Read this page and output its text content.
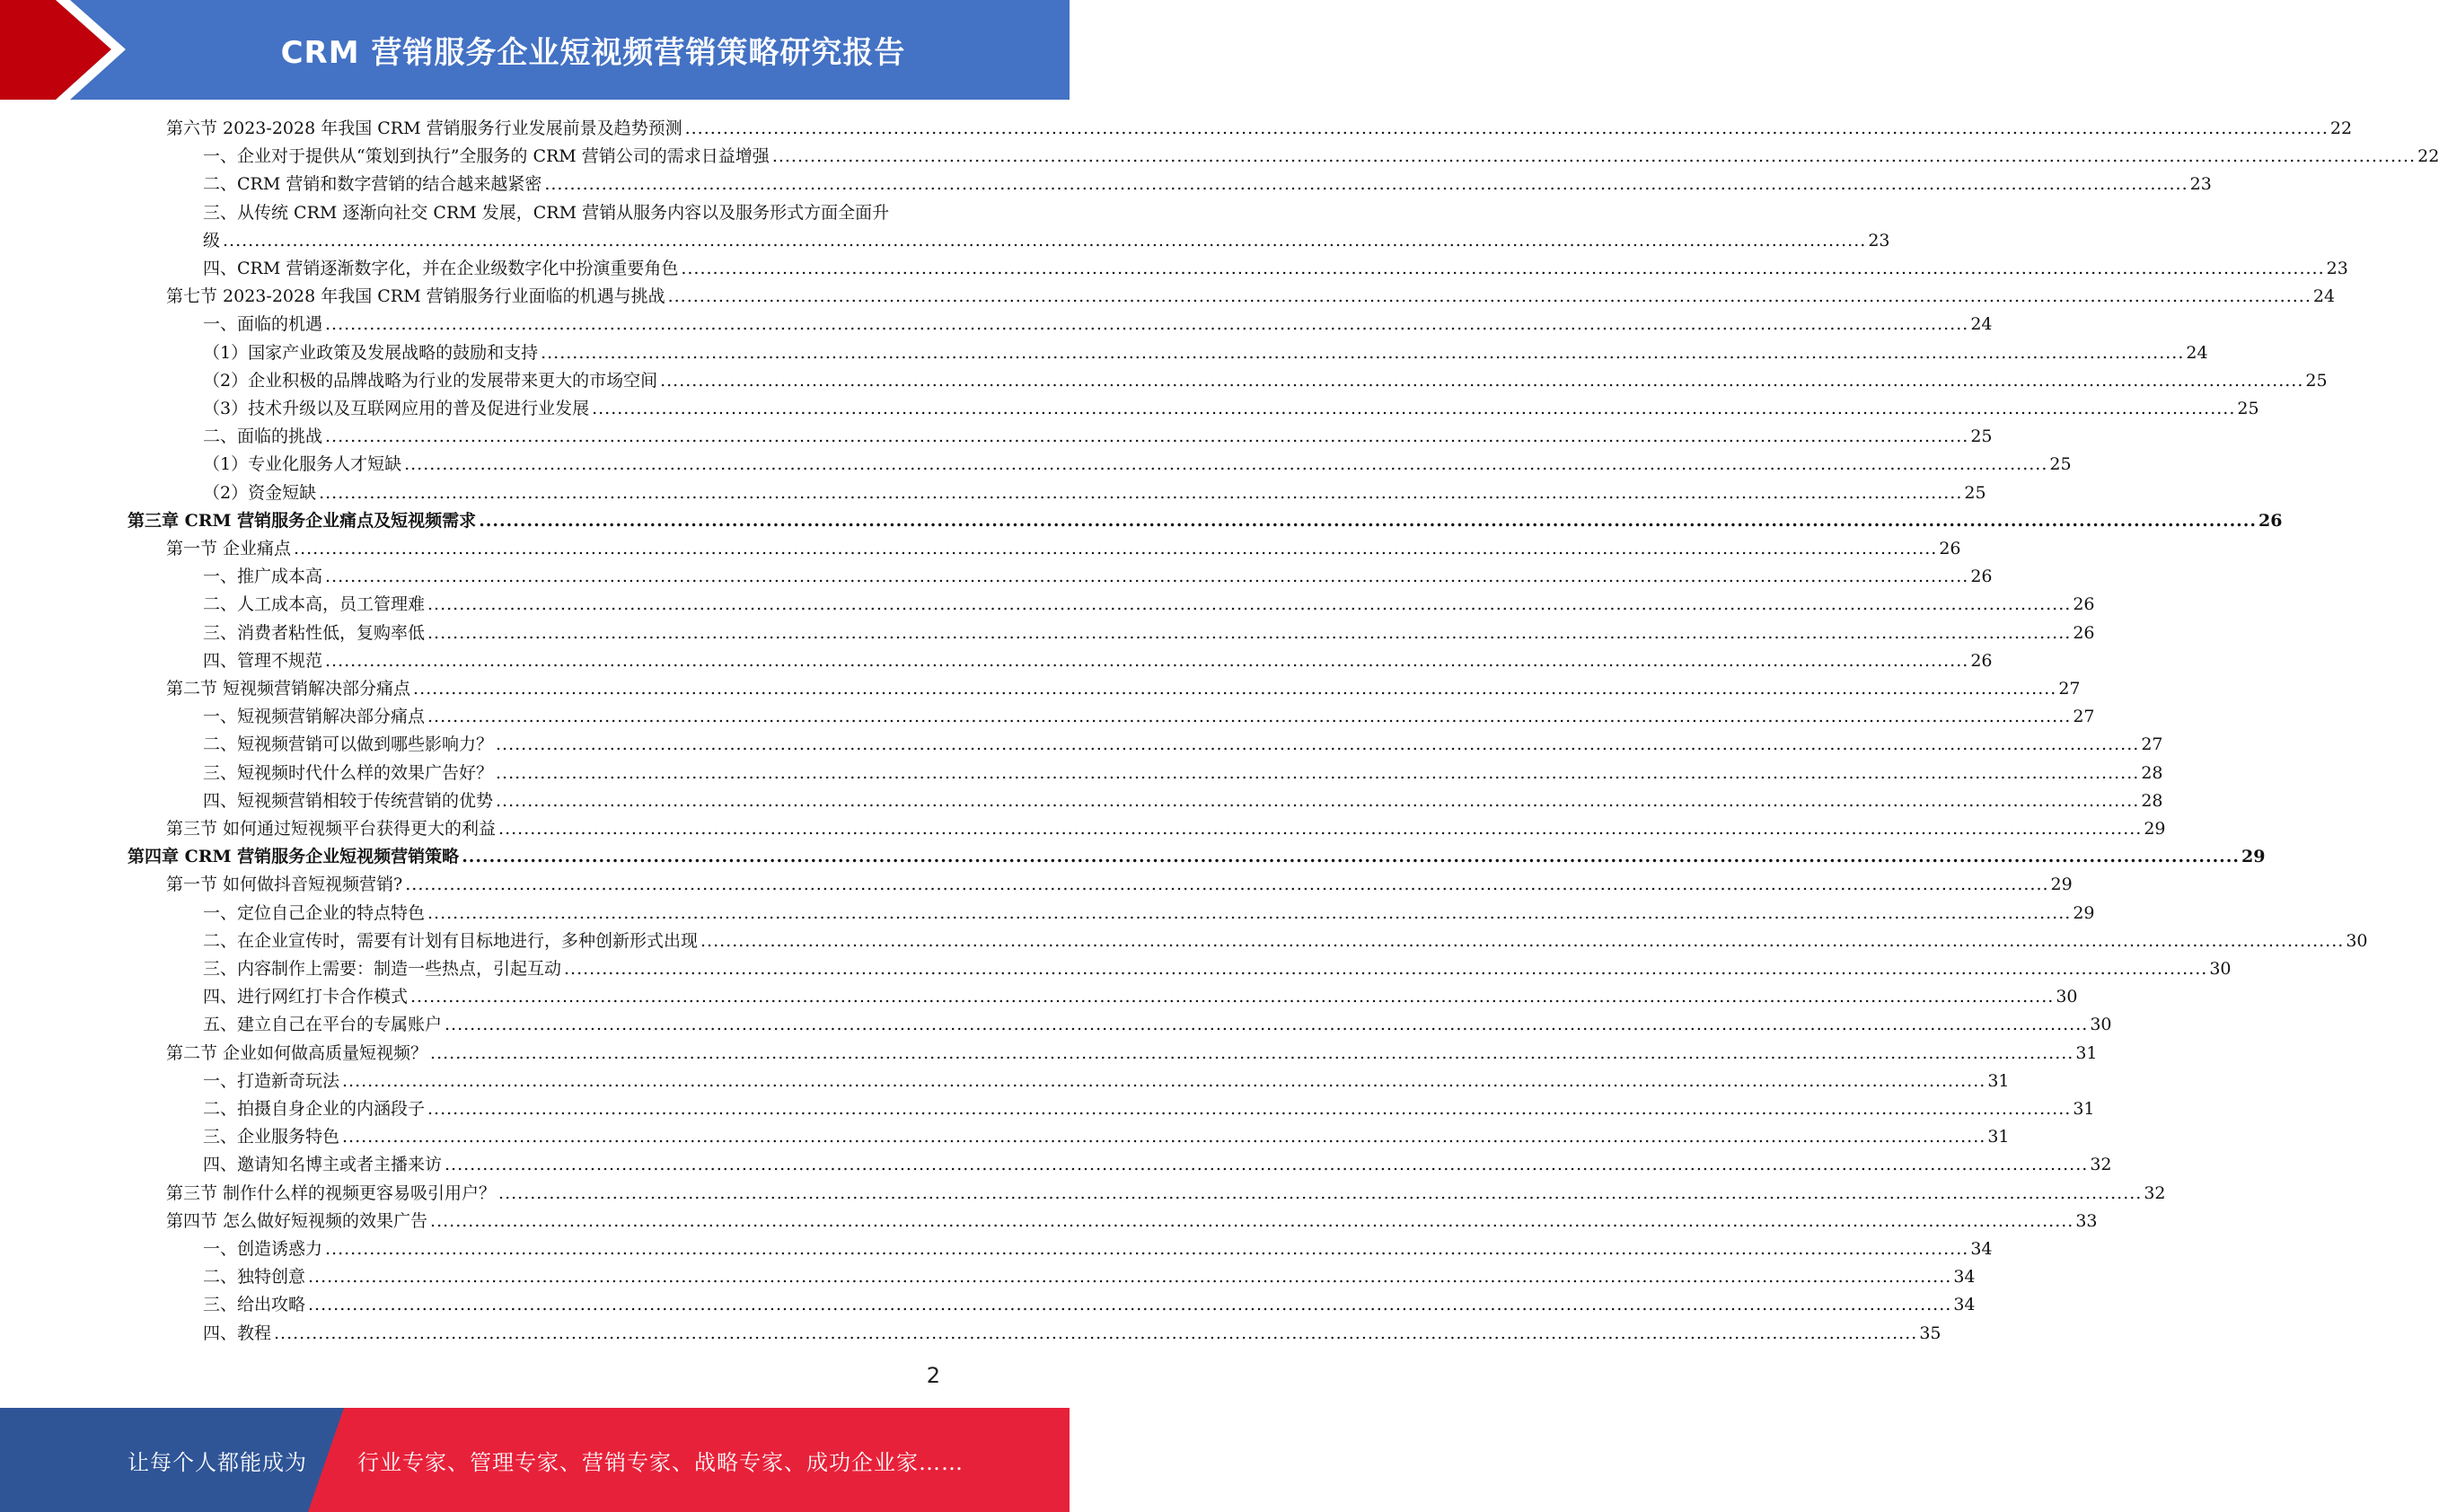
CRM 营销服务企业短视频营销策略研究报告
第六节 2023-2028 年我国 CRM 营销服务行业发展前景及趋势预测 .................................................................................................................................................................................................................................................................... 22
一、企业对于提供从“策划到执行”全服务的 CRM 营销公司的需求日益增强 .................................................................................................................................................................................................................................................................... 22
二、CRM 营销和数字营销的结合越来越紧密 .................................................................................................................................................................................................................................................................... 23
三、从传统 CRM 逐渐向社交 CRM 发展，CRM 营销从服务内容以及服务形式方面全面升
级 .................................................................................................................................................................................................................................................................... 23
四、CRM 营销逐渐数字化，并在企业级数字化中扮演重要角色 .................................................................................................................................................................................................................................................................... 23
第七节 2023-2028 年我国 CRM 营销服务行业面临的机遇与挑战 .................................................................................................................................................................................................................................................................... 24
一、面临的机遇 .................................................................................................................................................................................................................................................................... 24
（1）国家产业政策及发展战略的鼓励和支持 .................................................................................................................................................................................................................................................................... 24
（2）企业积极的品牌战略为行业的发展带来更大的市场空间 .................................................................................................................................................................................................................................................................... 25
（3）技术升级以及互联网应用的普及促进行业发展 .................................................................................................................................................................................................................................................................... 25
二、面临的挑战 .................................................................................................................................................................................................................................................................... 25
（1）专业化服务人才短缺 .................................................................................................................................................................................................................................................................... 25
（2）资金短缺 .................................................................................................................................................................................................................................................................... 25
第三章 CRM 营销服务企业痛点及短视频需求 .................................................................................................................................................................................................................................................................... 26
第一节 企业痛点 .................................................................................................................................................................................................................................................................... 26
一、推广成本高 .................................................................................................................................................................................................................................................................... 26
二、人工成本高，员工管理难 .................................................................................................................................................................................................................................................................... 26
三、消费者粘性低，复购率低 .................................................................................................................................................................................................................................................................... 26
四、管理不规范 .................................................................................................................................................................................................................................................................... 26
第二节 短视频营销解决部分痛点 .................................................................................................................................................................................................................................................................... 27
一、短视频营销解决部分痛点 .................................................................................................................................................................................................................................................................... 27
二、短视频营销可以做到哪些影响力？ .................................................................................................................................................................................................................................................................... 27
三、短视频时代什么样的效果广告好？ .................................................................................................................................................................................................................................................................... 28
四、短视频营销相较于传统营销的优势 .................................................................................................................................................................................................................................................................... 28
第三节 如何通过短视频平台获得更大的利益 .................................................................................................................................................................................................................................................................... 29
第四章 CRM 营销服务企业短视频营销策略 .................................................................................................................................................................................................................................................................... 29
第一节 如何做抖音短视频营销? .................................................................................................................................................................................................................................................................... 29
一、定位自己企业的特点特色 .................................................................................................................................................................................................................................................................... 29
二、在企业宣传时，需要有计划有目标地进行，多种创新形式出现 .................................................................................................................................................................................................................................................................... 30
三、内容制作上需要：制造一些热点，引起互动 .................................................................................................................................................................................................................................................................... 30
四、进行网红打卡合作模式 .................................................................................................................................................................................................................................................................... 30
五、建立自己在平台的专属账户 .................................................................................................................................................................................................................................................................... 30
第二节 企业如何做高质量短视频？ .................................................................................................................................................................................................................................................................... 31
一、打造新奇玩法 .................................................................................................................................................................................................................................................................... 31
二、拍摄自身企业的内涵段子 .................................................................................................................................................................................................................................................................... 31
三、企业服务特色 .................................................................................................................................................................................................................................................................... 31
四、邀请知名博主或者主播来访 .................................................................................................................................................................................................................................................................... 32
第三节 制作什么样的视频更容易吸引用户？ .................................................................................................................................................................................................................................................................... 32
第四节 怎么做好短视频的效果广告 .................................................................................................................................................................................................................................................................... 33
一、创造诱惑力 .................................................................................................................................................................................................................................................................... 34
二、独特创意 .................................................................................................................................................................................................................................................................... 34
三、给出攻略 .................................................................................................................................................................................................................................................................... 34
四、教程 .................................................................................................................................................................................................................................................................... 35
2
让每个人都能成为 行业专家、管理专家、营销专家、战略专家、成功企业家……
